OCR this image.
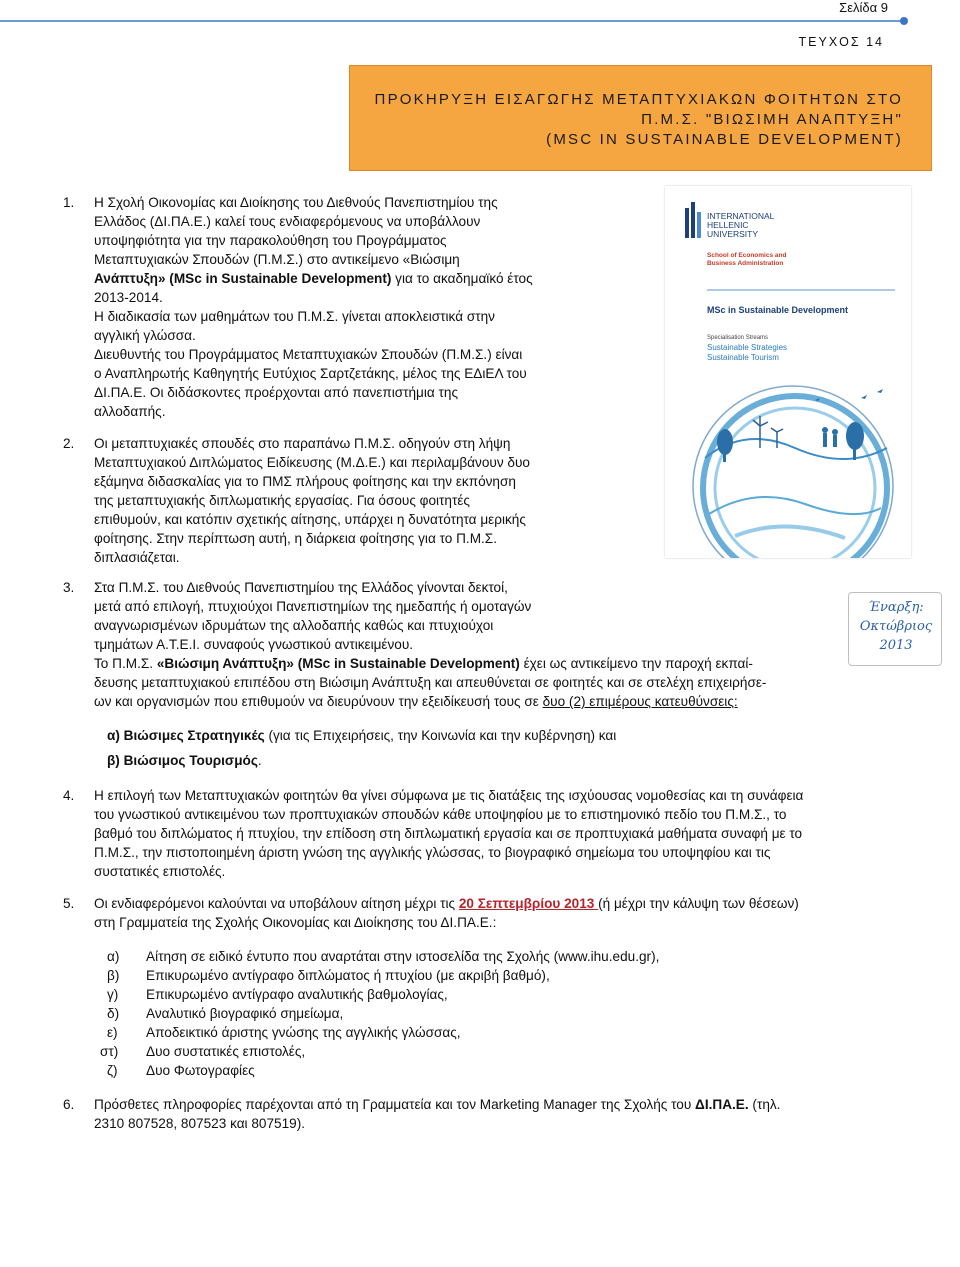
Σελίδα 9
ΤΕΥΧΟΣ 14
ΠΡΟΚΗΡΥΞΗ ΕΙΣΑΓΩΓΗΣ ΜΕΤΑΠΤΥΧΙΑΚΩΝ ΦΟΙΤΗΤΩΝ ΣΤΟ
Π.Μ.Σ. "ΒΙΩΣΙΜΗ ΑΝΑΠΤΥΞΗ"
(MSC IN SUSTAINABLE DEVELOPMENT)
INTERNATIONAL
HELLENIC
UNIVERSITY
School of Economics and
Business Administration
MSc in Sustainable Development
Specialisation Streams
Sustainable Strategies
Sustainable Tourism
Έναρξη:
Οκτώβριος
2013
1. Η Σχολή Οικονομίας και Διοίκησης του Διεθνούς Πανεπιστημίου της
Ελλάδος (ΔΙ.ΠΑ.Ε.) καλεί τους ενδιαφερόμενους να υποβάλλουν
υποψηφιότητα για την παρακολούθηση του Προγράμματος
Μεταπτυχιακών Σπουδών (Π.Μ.Σ.) στο αντικείμενο «Βιώσιμη
Ανάπτυξη» (MSc in Sustainable Development) για το ακαδημαϊκό έτος
2013-2014.
Η διαδικασία των μαθημάτων του Π.Μ.Σ. γίνεται αποκλειστικά στην
αγγλική γλώσσα.
Διευθυντής του Προγράμματος Μεταπτυχιακών Σπουδών (Π.Μ.Σ.) είναι
ο Αναπληρωτής Καθηγητής Ευτύχιος Σαρτζετάκης, μέλος της ΕΔιΕΛ του
ΔΙ.ΠΑ.Ε. Οι διδάσκοντες προέρχονται από πανεπιστήμια της
αλλοδαπής.
2. Οι μεταπτυχιακές σπουδές στο παραπάνω Π.Μ.Σ. οδηγούν στη λήψη
Μεταπτυχιακού Διπλώματος Ειδίκευσης (Μ.Δ.Ε.) και περιλαμβάνουν δυο
εξάμηνα διδασκαλίας για το ΠΜΣ πλήρους φοίτησης και την εκπόνηση
της μεταπτυχιακής διπλωματικής εργασίας. Για όσους φοιτητές
επιθυμούν, και κατόπιν σχετικής αίτησης, υπάρχει η δυνατότητα μερικής
φοίτησης. Στην περίπτωση αυτή, η διάρκεια φοίτησης για το Π.Μ.Σ.
διπλασιάζεται.
3. Στα Π.Μ.Σ. του Διεθνούς Πανεπιστημίου της Ελλάδος γίνονται δεκτοί,
μετά από επιλογή, πτυχιούχοι Πανεπιστημίων της ημεδαπής ή ομοταγών
αναγνωρισμένων ιδρυμάτων της αλλοδαπής καθώς και πτυχιούχοι
τμημάτων Α.Τ.Ε.Ι. συναφούς γνωστικού αντικειμένου.
Το Π.Μ.Σ. «Βιώσιμη Ανάπτυξη» (MSc in Sustainable Development) έχει ως αντικείμενο την παροχή εκπαί-
δευσης μεταπτυχιακού επιπέδου στη Βιώσιμη Ανάπτυξη και απευθύνεται σε φοιτητές και σε στελέχη επιχειρήσε-
ων και οργανισμών που επιθυμούν να διευρύνουν την εξειδίκευσή τους σε δυο (2) επιμέρους κατευθύνσεις:
α) Βιώσιμες Στρατηγικές (για τις Επιχειρήσεις, την Κοινωνία και την κυβέρνηση) και
β) Βιώσιμος Τουρισμός.
4. Η επιλογή των Μεταπτυχιακών φοιτητών θα γίνει σύμφωνα με τις διατάξεις της ισχύουσας νομοθεσίας και τη συνάφεια
του γνωστικού αντικειμένου των προπτυχιακών σπουδών κάθε υποψηφίου με το επιστημονικό πεδίο του Π.Μ.Σ., το
βαθμό του διπλώματος ή πτυχίου, την επίδοση στη διπλωματική εργασία και σε προπτυχιακά μαθήματα συναφή με το
Π.Μ.Σ., την πιστοποιημένη άριστη γνώση της αγγλικής γλώσσας, το βιογραφικό σημείωμα του υποψηφίου και τις
συστατικές επιστολές.
5. Οι ενδιαφερόμενοι καλούνται να υποβάλουν αίτηση μέχρι τις 20 Σεπτεμβρίου 2013 (ή μέχρι την κάλυψη των θέσεων)
στη Γραμματεία της Σχολής Οικονομίας και Διοίκησης του ΔΙ.ΠΑ.Ε.:
α) Αίτηση σε ειδικό έντυπο που αναρτάται στην ιστοσελίδα της Σχολής (www.ihu.edu.gr),
β) Επικυρωμένο αντίγραφο διπλώματος ή πτυχίου (με ακριβή βαθμό),
γ) Επικυρωμένο αντίγραφο αναλυτικής βαθμολογίας,
δ) Αναλυτικό βιογραφικό σημείωμα,
ε) Αποδεικτικό άριστης γνώσης της αγγλικής γλώσσας,
στ) Δυο συστατικές επιστολές,
ζ) Δυο Φωτογραφίες
6. Πρόσθετες πληροφορίες παρέχονται από τη Γραμματεία και τον Marketing Manager της Σχολής του ΔΙ.ΠΑ.Ε. (τηλ.
2310 807528, 807523 και 807519).
